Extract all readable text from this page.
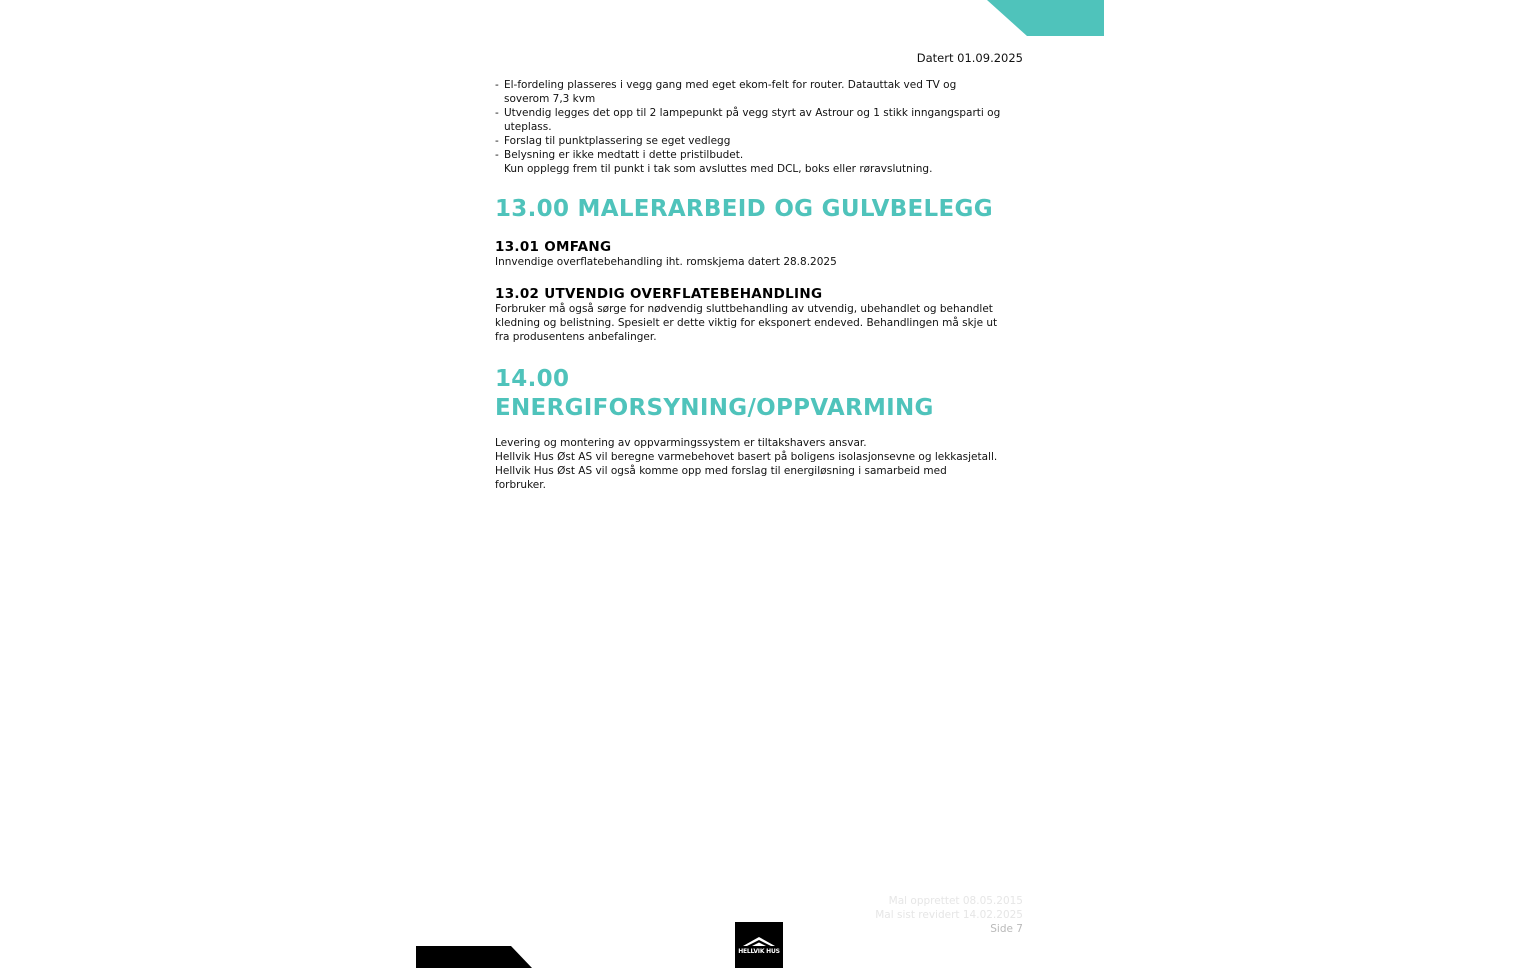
Datert 01.09.2025
- El-fordeling plasseres i vegg gang med eget ekom-felt for router. Datauttak ved TV og
soverom 7,3 kvm
- Utvendig legges det opp til 2 lampepunkt på vegg styrt av Astrour og 1 stikk inngangsparti og
uteplass.
- Forslag til punktplassering se eget vedlegg
- Belysning er ikke medtatt i dette pristilbudet.
Kun opplegg frem til punkt i tak som avsluttes med DCL, boks eller røravslutning.
13.00 MALERARBEID OG GULVBELEGG
13.01 OMFANG

Innvendige overflatebehandling iht. romskjema datert 28.8.2025

13.02 UTVENDIG OVERFLATEBEHANDLING

Forbruker må også sørge for nødvendig sluttbehandling av utvendig, ubehandlet og behandlet
kledning og belistning. Spesielt er dette viktig for eksponert endeved. Behandlingen må skje ut
fra produsentens anbefalinger.

14.00
ENERGIFORSYNING/OPPVARMING

Levering og montering av oppvarmingssystem er tiltakshavers ansvar.
Hellvik Hus Øst AS vil beregne varmebehovet basert på boligens isolasjonsevne og lekkasjetall.
Hellvik Hus Øst AS vil også komme opp med forslag til energiløsning i samarbeid med
forbruker.

Mal opprettet 08.05.2015
Mal sist revidert 14.02.2025
Side 7
HELLVIK HUS
